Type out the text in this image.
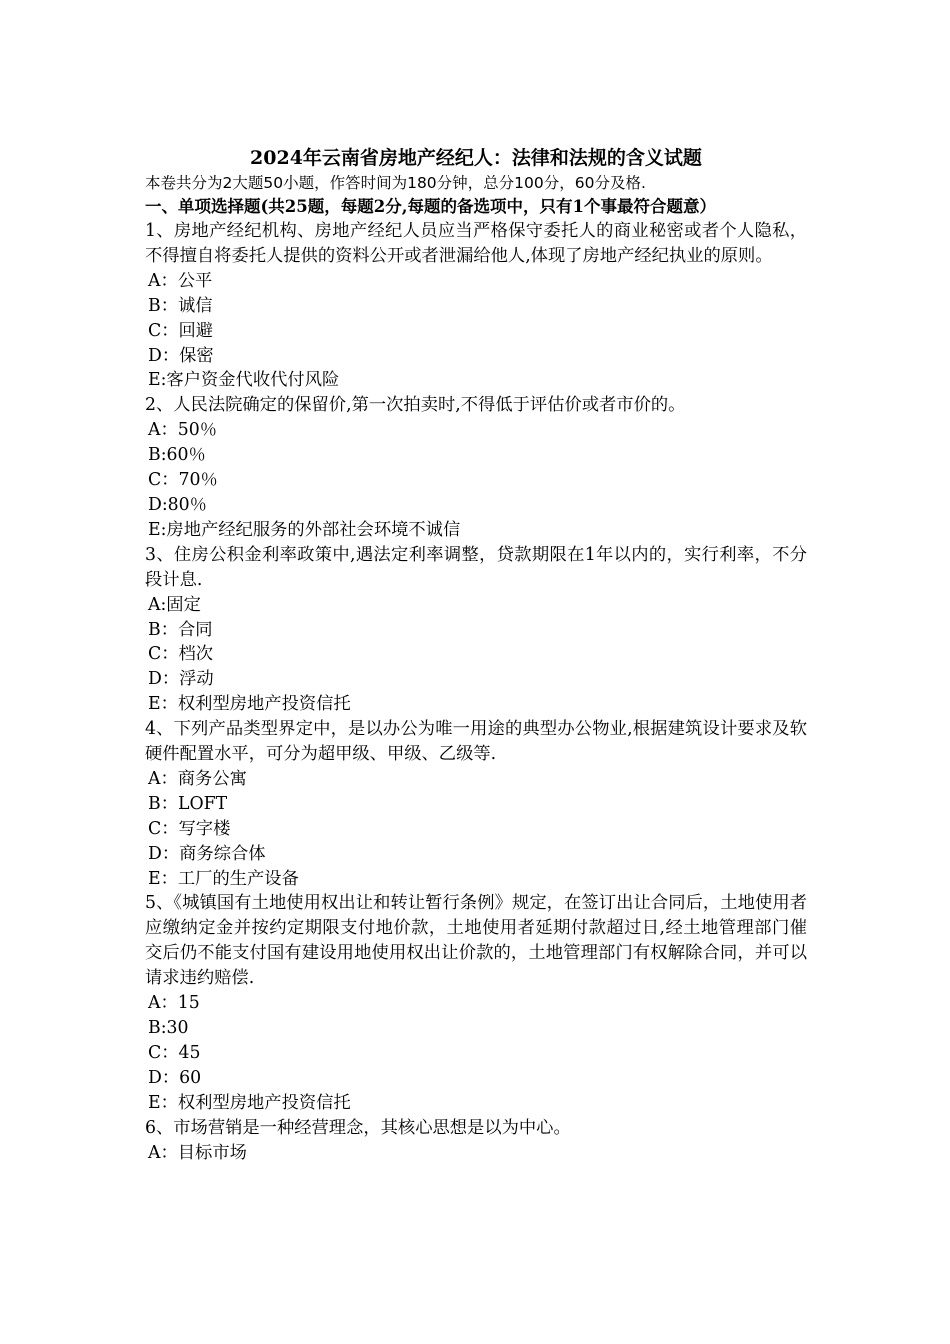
2024年云南省房地产经纪人：法律和法规的含义试题

本卷共分为2大题50小题，作答时间为180分钟，总分100分，60分及格.

一、单项选择题(共25题，每题2分,每题的备选项中，只有1个事最符合题意）

1、房地产经纪机构、房地产经纪人员应当严格保守委托人的商业秘密或者个人隐私，不得擅自将委托人提供的资料公开或者泄漏给他人,体现了房地产经纪执业的原则。

A：公平

B：诚信

C：回避

D：保密

E:客户资金代收代付风险

2、人民法院确定的保留价,第一次拍卖时,不得低于评估价或者市价的。

A：50％

B:60％

C：70％

D:80％

E:房地产经纪服务的外部社会环境不诚信

3、住房公积金利率政策中,遇法定利率调整，贷款期限在1年以内的，实行利率，不分段计息.

A:固定

B：合同

C：档次

D：浮动

E：权利型房地产投资信托

4、下列产品类型界定中，是以办公为唯一用途的典型办公物业,根据建筑设计要求及软硬件配置水平，可分为超甲级、甲级、乙级等.

A：商务公寓

B：LOFT

C：写字楼

D：商务综合体

E：工厂的生产设备

5、《城镇国有土地使用权出让和转让暂行条例》规定，在签订出让合同后，土地使用者应缴纳定金并按约定期限支付地价款，土地使用者延期付款超过日,经土地管理部门催交后仍不能支付国有建设用地使用权出让价款的，土地管理部门有权解除合同，并可以请求违约赔偿.

A：15

B:30

C：45

D：60

E：权利型房地产投资信托

6、市场营销是一种经营理念，其核心思想是以为中心。

A：目标市场
